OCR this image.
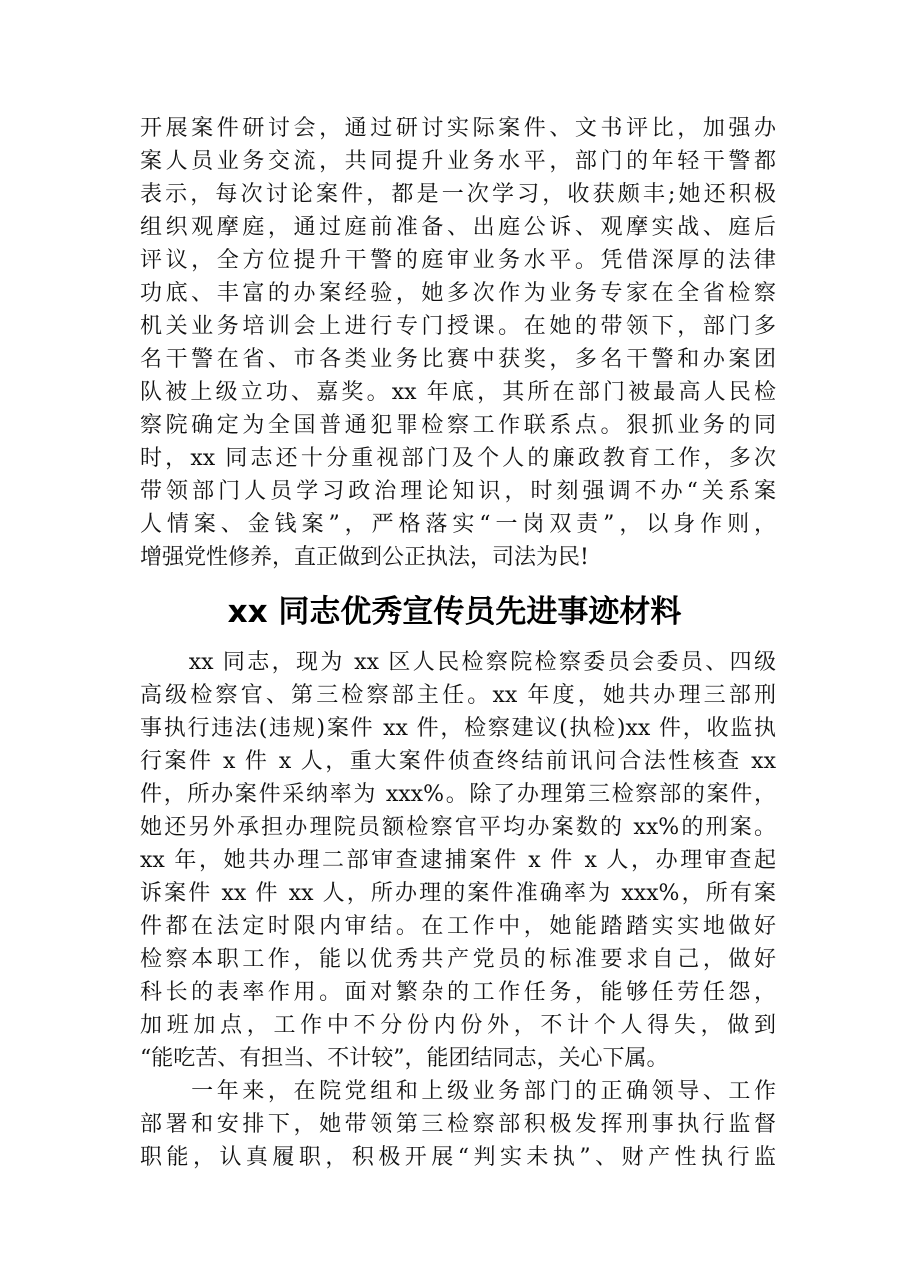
开展案件研讨会，通过研讨实际案件、文书评比，加强办
案人员业务交流，共同提升业务水平，部门的年轻干警都
表示，每次讨论案件，都是一次学习，收获颇丰;她还积极
组织观摩庭，通过庭前准备、出庭公诉、观摩实战、庭后
评议，全方位提升干警的庭审业务水平。凭借深厚的法律
功底、丰富的办案经验，她多次作为业务专家在全省检察
机关业务培训会上进行专门授课。在她的带领下，部门多
名干警在省、市各类业务比赛中获奖，多名干警和办案团
队被上级立功、嘉奖。xx 年底，其所在部门被最高人民检
察院确定为全国普通犯罪检察工作联系点。狠抓业务的同
时，xx 同志还十分重视部门及个人的廉政教育工作，多次
带领部门人员学习政治理论知识，时刻强调不办“关系案
人情案、金钱案”，严格落实“一岗双责”，以身作则，
增强党性修养，直正做到公正执法，司法为民!
xx 同志优秀宣传员先进事迹材料
　　xx 同志，现为 xx 区人民检察院检察委员会委员、四级
高级检察官、第三检察部主任。xx 年度，她共办理三部刑
事执行违法(违规)案件 xx 件，检察建议(执检)xx 件，收监执
行案件 x 件 x 人，重大案件侦查终结前讯问合法性核查 xx
件，所办案件采纳率为 xxx%。除了办理第三检察部的案件，
她还另外承担办理院员额检察官平均办案数的 xx%的刑案。
xx 年，她共办理二部审查逮捕案件 x 件 x 人，办理审查起
诉案件 xx 件 xx 人，所办理的案件准确率为 xxx%，所有案
件都在法定时限内审结。在工作中，她能踏踏实实地做好
检察本职工作，能以优秀共产党员的标准要求自己，做好
科长的表率作用。面对繁杂的工作任务，能够任劳任怨，
加班加点，工作中不分份内份外，不计个人得失，做到
“能吃苦、有担当、不计较”，能团结同志，关心下属。
　　一年来，在院党组和上级业务部门的正确领导、工作
部署和安排下，她带领第三检察部积极发挥刑事执行监督
职能，认真履职，积极开展“判实未执”、财产性执行监
